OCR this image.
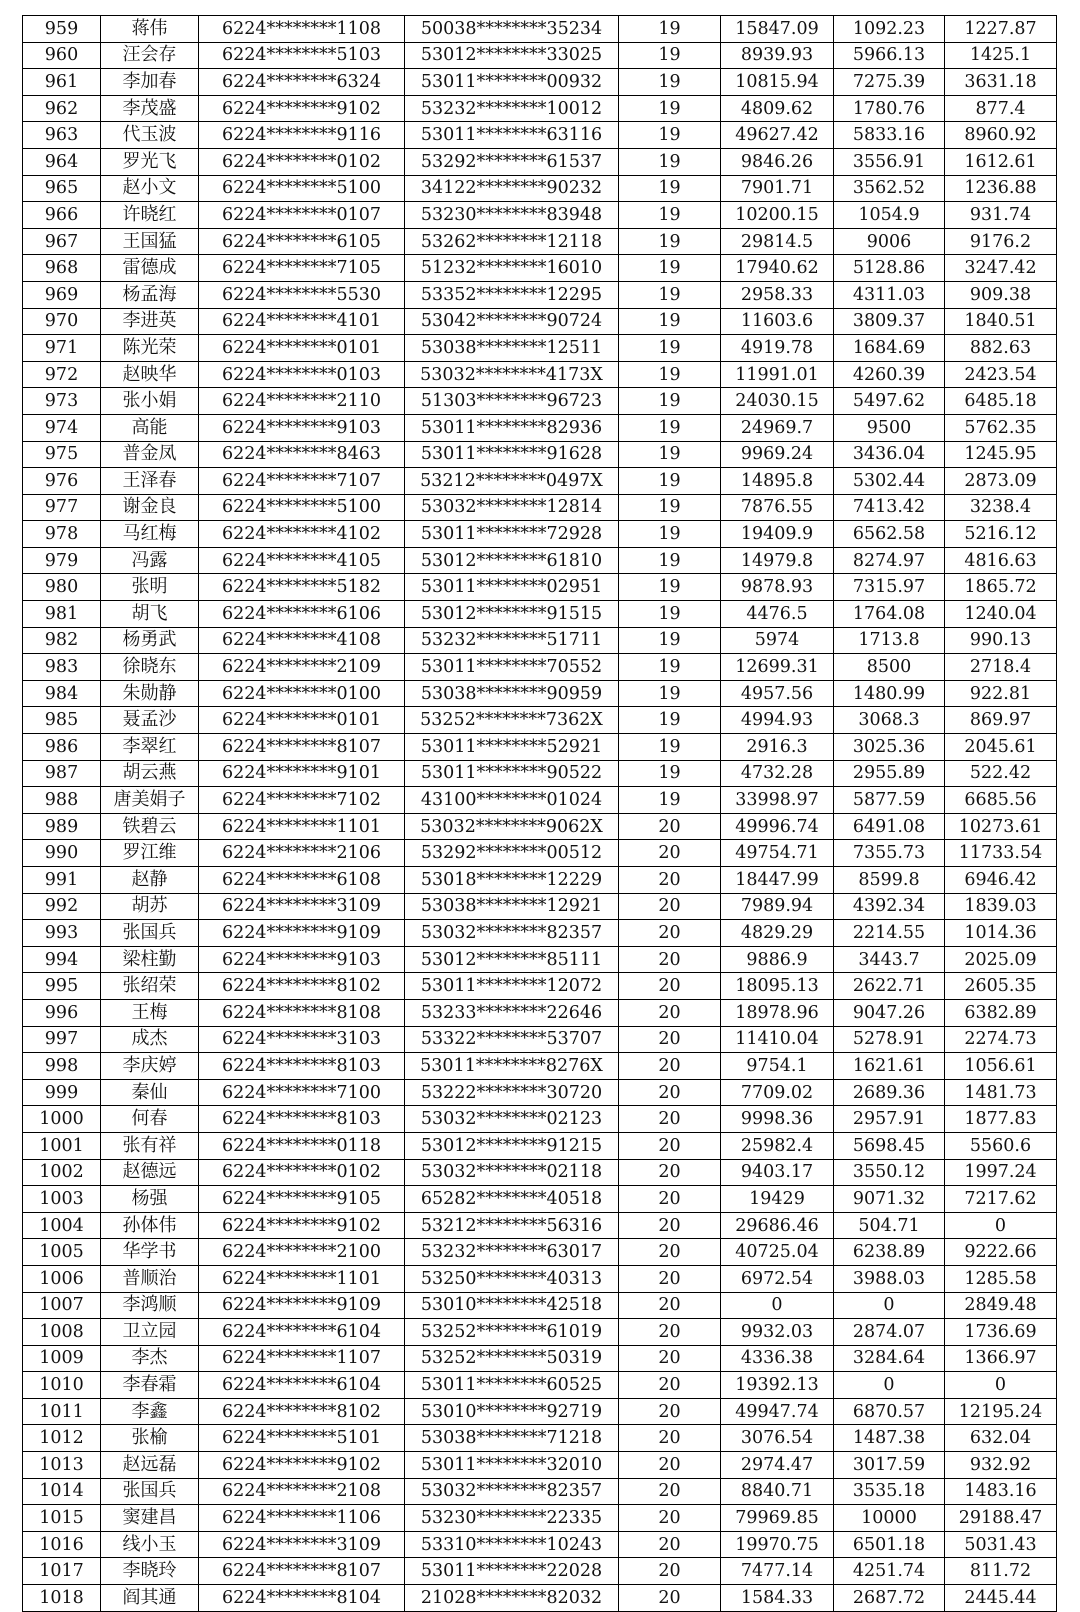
959	蒋伟	6224********1108	50038********35234	19	15847.09	1092.23	1227.87
960	汪会存	6224********5103	53012********33025	19	8939.93	5966.13	1425.1
961	李加春	6224********6324	53011********00932	19	10815.94	7275.39	3631.18
962	李茂盛	6224********9102	53232********10012	19	4809.62	1780.76	877.4
963	代玉波	6224********9116	53011********63116	19	49627.42	5833.16	8960.92
964	罗光飞	6224********0102	53292********61537	19	9846.26	3556.91	1612.61
965	赵小文	6224********5100	34122********90232	19	7901.71	3562.52	1236.88
966	许晓红	6224********0107	53230********83948	19	10200.15	1054.9	931.74
967	王国猛	6224********6105	53262********12118	19	29814.5	9006	9176.2
968	雷德成	6224********7105	51232********16010	19	17940.62	5128.86	3247.42
969	杨孟海	6224********5530	53352********12295	19	2958.33	4311.03	909.38
970	李进英	6224********4101	53042********90724	19	11603.6	3809.37	1840.51
971	陈光荣	6224********0101	53038********12511	19	4919.78	1684.69	882.63
972	赵映华	6224********0103	53032********4173X	19	11991.01	4260.39	2423.54
973	张小娟	6224********2110	51303********96723	19	24030.15	5497.62	6485.18
974	高能	6224********9103	53011********82936	19	24969.7	9500	5762.35
975	普金凤	6224********8463	53011********91628	19	9969.24	3436.04	1245.95
976	王泽春	6224********7107	53212********0497X	19	14895.8	5302.44	2873.09
977	谢金良	6224********5100	53032********12814	19	7876.55	7413.42	3238.4
978	马红梅	6224********4102	53011********72928	19	19409.9	6562.58	5216.12
979	冯露	6224********4105	53012********61810	19	14979.8	8274.97	4816.63
980	张明	6224********5182	53011********02951	19	9878.93	7315.97	1865.72
981	胡飞	6224********6106	53012********91515	19	4476.5	1764.08	1240.04
982	杨勇武	6224********4108	53232********51711	19	5974	1713.8	990.13
983	徐晓东	6224********2109	53011********70552	19	12699.31	8500	2718.4
984	朱勋静	6224********0100	53038********90959	19	4957.56	1480.99	922.81
985	聂孟沙	6224********0101	53252********7362X	19	4994.93	3068.3	869.97
986	李翠红	6224********8107	53011********52921	19	2916.3	3025.36	2045.61
987	胡云燕	6224********9101	53011********90522	19	4732.28	2955.89	522.42
988	唐美娟子	6224********7102	43100********01024	19	33998.97	5877.59	6685.56
989	铁碧云	6224********1101	53032********9062X	20	49996.74	6491.08	10273.61
990	罗江维	6224********2106	53292********00512	20	49754.71	7355.73	11733.54
991	赵静	6224********6108	53018********12229	20	18447.99	8599.8	6946.42
992	胡苏	6224********3109	53038********12921	20	7989.94	4392.34	1839.03
993	张国兵	6224********9109	53032********82357	20	4829.29	2214.55	1014.36
994	梁柱勤	6224********9103	53012********85111	20	9886.9	3443.7	2025.09
995	张绍荣	6224********8102	53011********12072	20	18095.13	2622.71	2605.35
996	王梅	6224********8108	53233********22646	20	18978.96	9047.26	6382.89
997	成杰	6224********3103	53322********53707	20	11410.04	5278.91	2274.73
998	李庆婷	6224********8103	53011********8276X	20	9754.1	1621.61	1056.61
999	秦仙	6224********7100	53222********30720	20	7709.02	2689.36	1481.73
1000	何春	6224********8103	53032********02123	20	9998.36	2957.91	1877.83
1001	张有祥	6224********0118	53012********91215	20	25982.4	5698.45	5560.6
1002	赵德远	6224********0102	53032********02118	20	9403.17	3550.12	1997.24
1003	杨强	6224********9105	65282********40518	20	19429	9071.32	7217.62
1004	孙体伟	6224********9102	53212********56316	20	29686.46	504.71	0
1005	华学书	6224********2100	53232********63017	20	40725.04	6238.89	9222.66
1006	普顺治	6224********1101	53250********40313	20	6972.54	3988.03	1285.58
1007	李鸿顺	6224********9109	53010********42518	20	0	0	2849.48
1008	卫立园	6224********6104	53252********61019	20	9932.03	2874.07	1736.69
1009	李杰	6224********1107	53252********50319	20	4336.38	3284.64	1366.97
1010	李春霜	6224********6104	53011********60525	20	19392.13	0	0
1011	李鑫	6224********8102	53010********92719	20	49947.74	6870.57	12195.24
1012	张榆	6224********5101	53038********71218	20	3076.54	1487.38	632.04
1013	赵远磊	6224********9102	53011********32010	20	2974.47	3017.59	932.92
1014	张国兵	6224********2108	53032********82357	20	8840.71	3535.18	1483.16
1015	窦建昌	6224********1106	53230********22335	20	79969.85	10000	29188.47
1016	线小玉	6224********3109	53310********10243	20	19970.75	6501.18	5031.43
1017	李晓玲	6224********8107	53011********22028	20	7477.14	4251.74	811.72
1018	阎其通	6224********8104	21028********82032	20	1584.33	2687.72	2445.44
